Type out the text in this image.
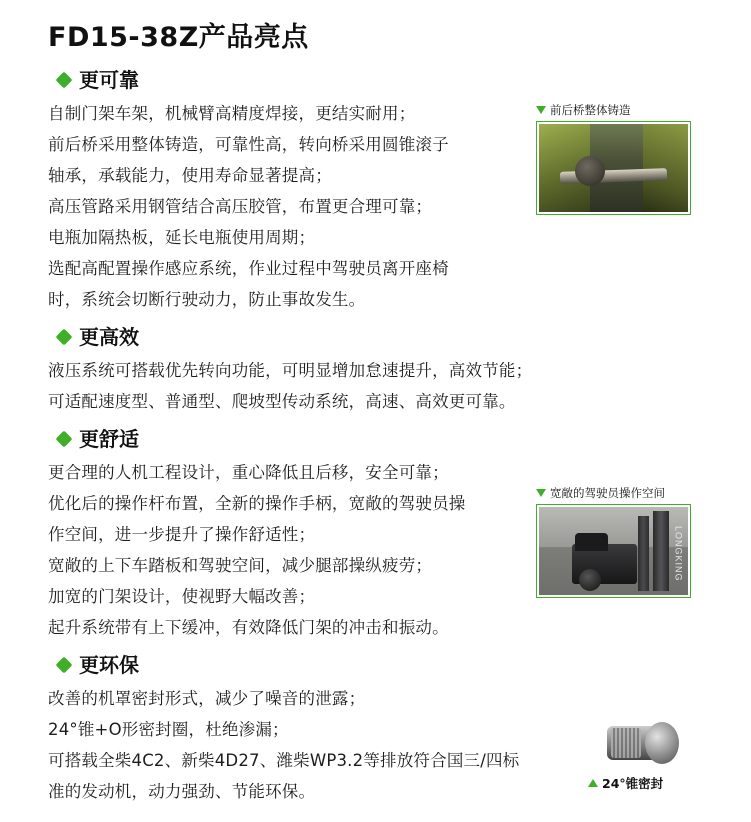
FD15-38Z产品亮点
更可靠
自制门架车架，机械臂高精度焊接，更结实耐用；
前后桥采用整体铸造，可靠性高，转向桥采用圆锥滚子
轴承，承载能力，使用寿命显著提高；
高压管路采用钢管结合高压胶管，布置更合理可靠；
电瓶加隔热板，延长电瓶使用周期；
选配高配置操作感应系统，作业过程中驾驶员离开座椅
时，系统会切断行驶动力，防止事故发生。
更高效
液压系统可搭载优先转向功能，可明显增加怠速提升，高效节能；
可适配速度型、普通型、爬坡型传动系统，高速、高效更可靠。
更舒适
更合理的人机工程设计，重心降低且后移，安全可靠；
优化后的操作杆布置，全新的操作手柄，宽敞的驾驶员操
作空间，进一步提升了操作舒适性；
宽敞的上下车踏板和驾驶空间，减少腿部操纵疲劳；
加宽的门架设计，使视野大幅改善；
起升系统带有上下缓冲，有效降低门架的冲击和振动。
更环保
改善的机罩密封形式，减少了噪音的泄露；
24°锥+O形密封圈，杜绝渗漏；
可搭载全柴4C2、新柴4D27、潍柴WP3.2等排放符合国三/四标
准的发动机，动力强劲、节能环保。
前后桥整体铸造
宽敞的驾驶员操作空间
LONGKING
24°锥密封
